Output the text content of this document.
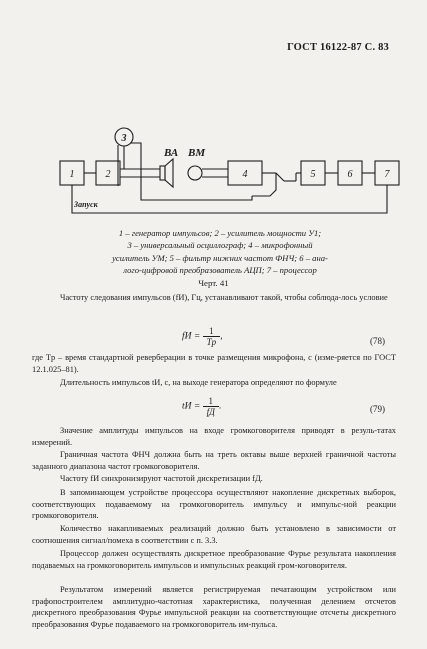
ГОСТ 16122-87 С. 83
1	2
3
4	5	6	7
ВА ВМ
Запуск
1 – генератор импульсов; 2 – усилитель мощности У1;
3 – универсальный осциллограф; 4 – микрофонный
усилитель УМ; 5 – фильтр нижних частот ФНЧ; 6 – ана-
лого-цифровой преобразователь АЦП; 7 – процессор
Черт. 41
Частоту следования импульсов (fИ), Гц, устанавливают такой, чтобы соблюда-лось условие
fИ = $\frac{1}{Tр}$ ,	(78)
где Tр – время стандартной реверберации в точке размещения микрофона, с (изме-ряется по ГОСТ 12.1.025–81).
Длительность импульсов tИ, с, на выходе генератора определяют по формуле
tИ = $\frac{1}{fД}$ .	(79)
Значение амплитуды импульсов на входе громкоговорителя приводят в резуль-татах измерений.
Граничная частота ФНЧ должна быть на треть октавы выше верхней граничной частоты заданного диапазона частот громкоговорителя.
Частоту fИ синхронизируют частотой дискретизации fД.
В запоминающем устройстве процессора осуществляют накопление дискретных выборок, соответствующих подаваемому на громкоговоритель импульсу и импульс-ной реакции громкоговорителя.
Количество накапливаемых реализаций должно быть установлено в зависимости от соотношения сигнал/помеха в соответствии с п. 3.3.
Процессор должен осуществлять дискретное преобразование Фурье результата накопления подаваемых на громкоговоритель импульсов и импульсных реакций гром-коговорителя.
Результатом измерений является регистрируемая печатающим устройством или графопостроителем амплитудно-частотная характеристика, полученная делением отсчетов дискретного преобразования Фурье импульсной реакции на соответствующие отсчеты дискретного преобразования Фурье подаваемого на громкоговоритель им-пульса.
